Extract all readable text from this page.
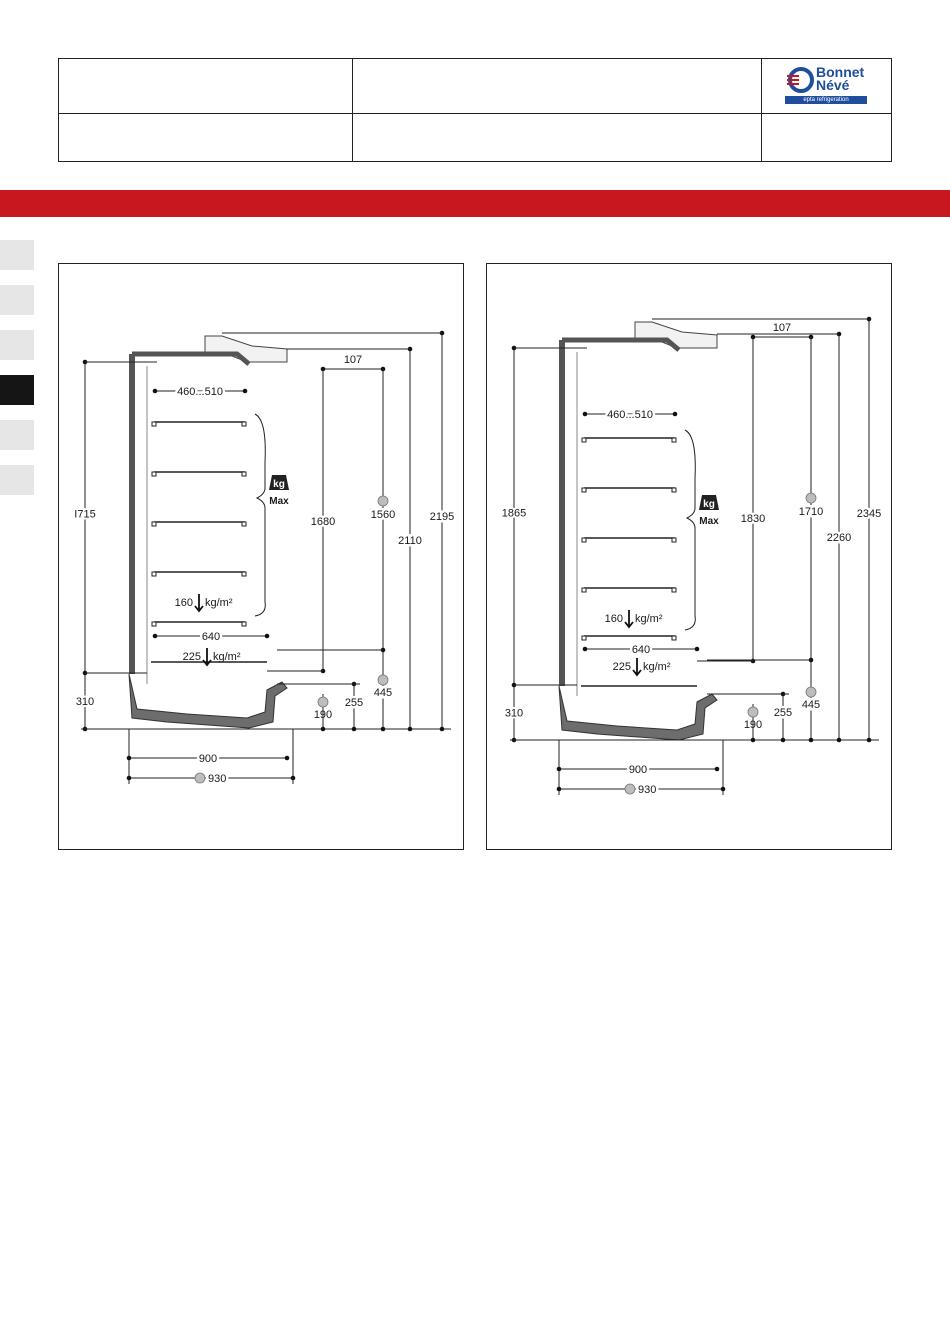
Bonnet
Névé
epta refrigeration
kg
Max
I715
310
460...510
640
160 kg/m²
225 kg/m²
107
1680
1560
445
2110
2195
190
255
900
930
kg
Max
1865
310
460...510
640
160 kg/m²
225 kg/m²
107
1830
1710
445
2260
2345
190
255
900
930
